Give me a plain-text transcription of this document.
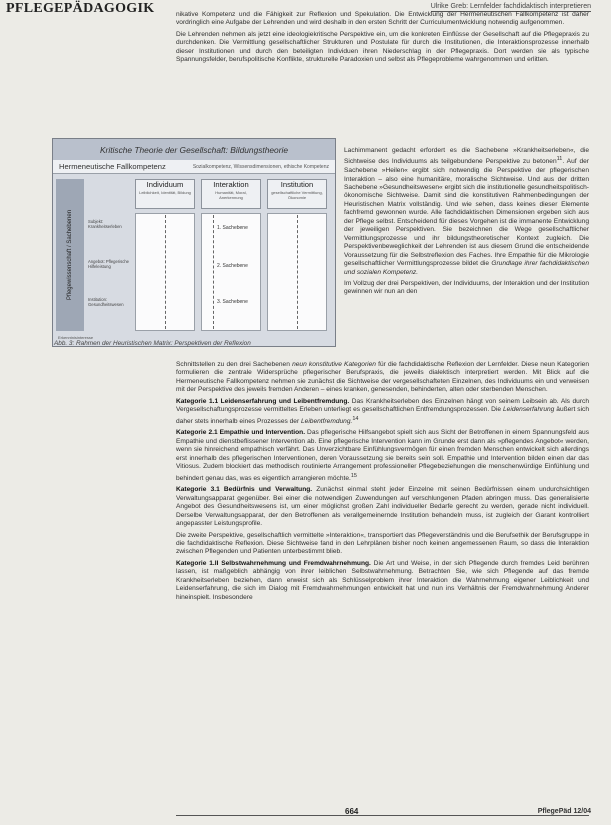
PFLEGEPÄDAGOGIK	Ulrike Greb: Lernfelder fachdidaktisch interpretieren

nikative Kompetenz und die Fähigkeit zur Reflexion und Spekulation. Die Entwicklung der Hermeneutischen Fallkompetenz ist daher vordringlich eine Aufgabe der Lehrenden und wird deshalb in den ersten Schritt der Curriculumentwicklung notwendig aufgenommen.

Die Lehrenden nehmen als jetzt eine ideologiekritische Perspektive ein, um die konkreten Einflüsse der Gesellschaft auf die Pflegepraxis zu durchdenken. Die Vermittlung gesellschaftlicher Strukturen und Postulate für durch die Institutionen, die Interaktionsprozesse innerhalb dieser Institutionen und durch den beteiligten Individuen ihren Niederschlag in der Pflegepraxis. Dort werden sie als typische Spannungsfelder, berufspolitische Konflikte, strukturelle Paradoxien und selbst als Pflegeprobleme wahrgenommen und erlitten.

Kritische Theorie der Gesellschaft: Bildungstheorie
Hermeneutische Fallkompetenz	Sozialkompetenz, Wissensdimensionen, ethische Kompetenz
Pflegewissenschaft / Sachebenen	Subjekt: Krankheitserleben
Angebot: Pflegerische Hilfeleistung
Institution: Gesundheitswesen
Individuum
Leiblichkeit, Identität, Bildung
Interaktion
Humanität, Moral, Anerkennung
Institution
gesellschaftliche Vermittlung, Ökonomie
1. Sachebene
2. Sachebene
3. Sachebene
Erkenntnisinteresse
Abb. 3: Rahmen der Heuristischen Matrix: Perspektiven der Reflexion

Lachimmanent gedacht erfordert es die Sachebene »Krankheitserleben«, die Sichtweise des Individuums als teilgebundene Perspektive zu betonen$^{11}$. Auf der Sachebene »Heilen« ergibt sich notwendig die Perspektive der pflegerischen Interaktion – also eine humanitäre, moralische Sichtweise. Und aus der dritten Sachebene »Gesundheitswesen« ergibt sich die institutionelle gesundheitspolitisch-ökonomische Sichtweise. Damit sind die konstitutiven Rahmenbedingungen der Heuristischen Matrix vollständig. Und wie sehen, dass keines dieser Elemente fachfremd gewonnen wurde. Alle fachdidaktischen Dimensionen ergeben sich aus der Pflege selbst. Entscheidend für dieses Vorgehen ist die immanente Entwicklung der jeweiligen Perspektiven. Sie bezeichnen die Wege gesellschaftlicher Vermittlungsprozesse und ihr bildungstheoretischer Kontext zugleich. Die Perspektivenbeweglichkeit der Lehrenden ist aus diesem Grund die entscheidende Voraussetzung für die Selbstreflexion des Faches. Ihre Empathie für die Mikrologie gesellschaftlicher Vermittlungsprozesse bildet die Grundlage ihrer fachdidaktischen und sozialen Kompetenz.

Im Vollzug der drei Perspektiven, der Individuums, der Interaktion und der Institution gewinnen wir nun an den

Schnittstellen zu den drei Sachebenen neun konstitutive Kategorien für die fachdidaktische Reflexion der Lernfelder. Diese neun Kategorien formulieren die zentrale Widersprüche pflegerischer Berufspraxis, die jeweils dialektisch interpretiert werden. Mit Blick auf die Hermeneutische Fallkompetenz nehmen sie zunächst die Sichtweise der vergesellschafteten Einzelnen, des Individuums ein und verweisen mit der Perspektive des jeweils fremden Anderen – eines kranken, genesenden, behinderten, alten oder sterbenden Menschen.

Kategorie 1.1 Leidenserfahrung und Leibentfremdung. Das Krankheitserleben des Einzelnen hängt von seinem Leibsein ab. Als durch Vergesellschaftungsprozesse vermitteltes Erleben unterliegt es gesellschaftlichen Entfremdungsprozessen. Die Leidenserfahrung äußert sich daher stets innerhalb eines Prozesses der Leibentfremdung.$^{14}$

Kategorie 2.1 Empathie und Intervention. Das pflegerische Hilfsangebot spielt sich aus Sicht der Betroffenen in einem Spannungsfeld aus Empathie und dienstbeflissener Intervention ab. Eine pflegerische Intervention kann im Grunde erst dann als »pflegendes Angebot« werden, wenn sie hinreichend empathisch verfährt. Das Unverzichtbare Einfühlungsvermögen für einen fremden Menschen entwickelt sich allerdings erst innerhalb des pflegerischen Interventionen, deren Voraussetzung sie bereits sein soll. Empathie und Intervention bilden einen dar das Vitiosus. Zudem blockiert das methodisch routinierte Arrangement professioneller Pflegebeziehungen die menschenwürdige Einfühlung und behindert genau das, was es eigentlich arrangieren möchte.$^{15}$

Kategorie 3.1 Bedürfnis und Verwaltung. Zunächst einmal steht jeder Einzelne mit seinen Bedürfnissen einem undurchsichtigen Verwaltungsapparat gegenüber. Bei einer die notwendigen Zuwendungen auf verschlungenen Pfaden abringen muss. Das generalisierte Angebot des Gesundheitswesens ist, um einer möglichst großen Zahl individueller Bedarfe gerecht zu werden, gerade nicht individuell. Derselbe Verwaltungsapparat, der den Betroffenen als verallgemeinernde Institution behandeln muss, ist zugleich der Garant kontrolliert angepasster Leistungsprofile.

Die zweite Perspektive, gesellschaftlich vermittelte »Interaktion«, transportiert das Pflegeverständnis und die Berufsethik der Berufsgruppe in die fachdidaktische Reflexion. Diese Sichtweise fand in den Lehrplänen bisher noch keinen angemessenen Raum, so dass die Interaktion zwischen Pflegenden und Patienten unterbestimmt blieb.

Kategorie 1.II Selbstwahrnehmung und Fremdwahrnehmung. Die Art und Weise, in der sich Pflegende durch fremdes Leid berühren lassen, ist maßgeblich abhängig von ihrer leiblichen Selbstwahrnehmung. Betrachten Sie, wie sich Pflegende auf das fremde Krankheitserleben beziehen, dann erweist sich als Schlüsselproblem ihrer Interaktion die Wahrnehmung eigener Leiblichkeit und Leidenserfahrung, die sich im Dialog mit Fremdwahrnehmungen entwickelt hat und nun ins Verhältnis der Fremdwahrnehmung Anderer hineinspielt. Insbesondere

664	PflegePäd 12/04
